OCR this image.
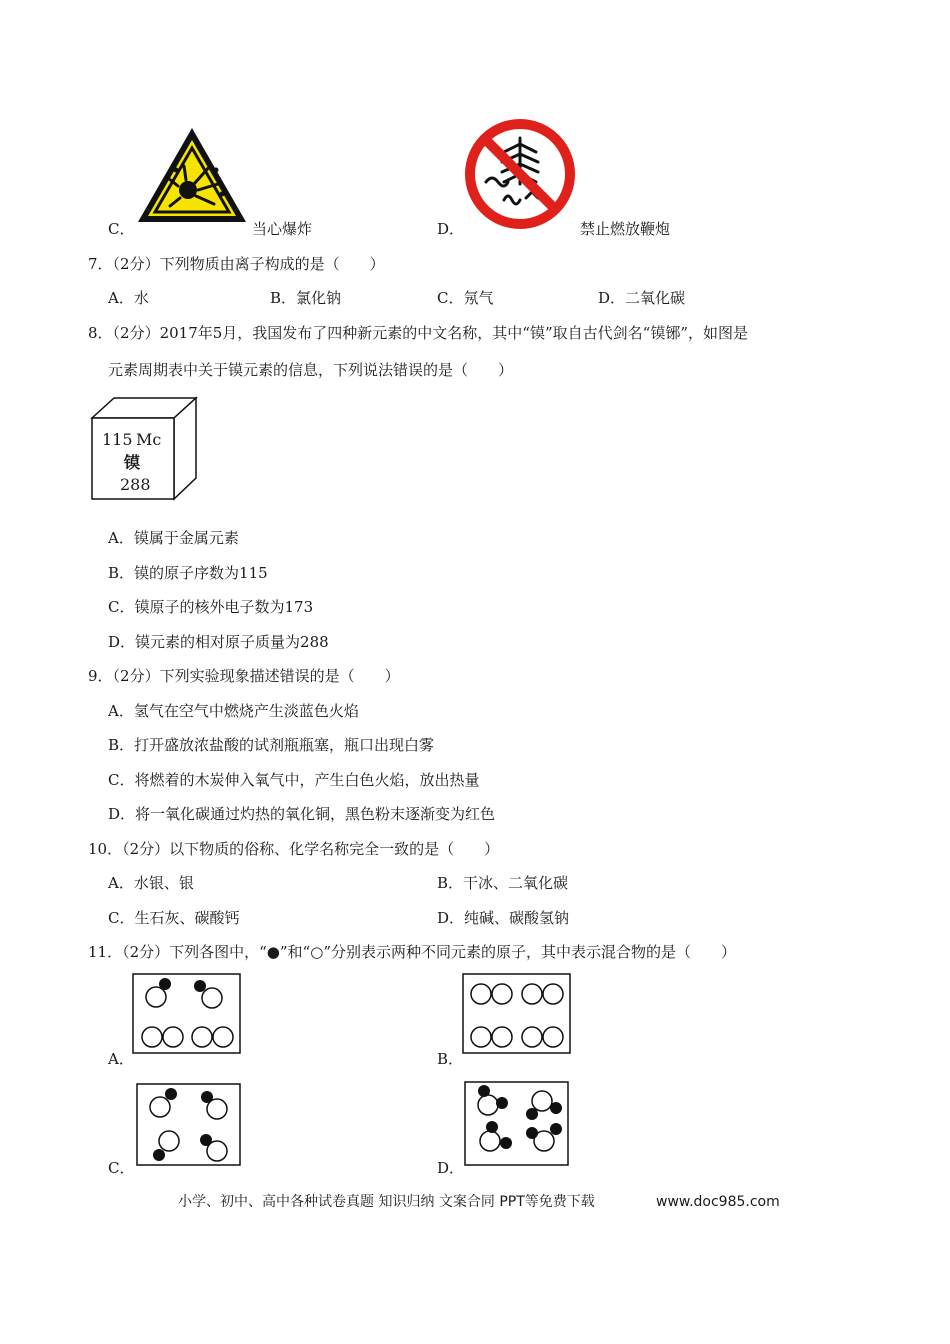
C．	当心爆炸	D．	禁止燃放鞭炮
7．（2分）下列物质由离子构成的是（　　）
A．水	B．氯化钠	C．氖气	D．二氧化碳
8．（2分）2017年5月，我国发布了四种新元素的中文名称，其中“镆”取自古代剑名“镆铘”，如图是
元素周期表中关于镆元素的信息，下列说法错误的是（　　）
115 Mc
镆
288
A．镆属于金属元素
B．镆的原子序数为115
C．镆原子的核外电子数为173
D．镆元素的相对原子质量为288
9．（2分）下列实验现象描述错误的是（　　）
A．氢气在空气中燃烧产生淡蓝色火焰
B．打开盛放浓盐酸的试剂瓶瓶塞，瓶口出现白雾
C．将燃着的木炭伸入氧气中，产生白色火焰，放出热量
D．将一氧化碳通过灼热的氧化铜，黑色粉末逐渐变为红色
10．（2分）以下物质的俗称、化学名称完全一致的是（　　）
A．水银、银	B．干冰、二氧化碳
C．生石灰、碳酸钙	D．纯碱、碳酸氢钠
11．（2分）下列各图中，“●”和“○”分别表示两种不同元素的原子，其中表示混合物的是（　　）
A．	B．
C．	D．
小学、初中、高中各种试卷真题 知识归纳 文案合同 PPT等免费下载	www.doc985.com
